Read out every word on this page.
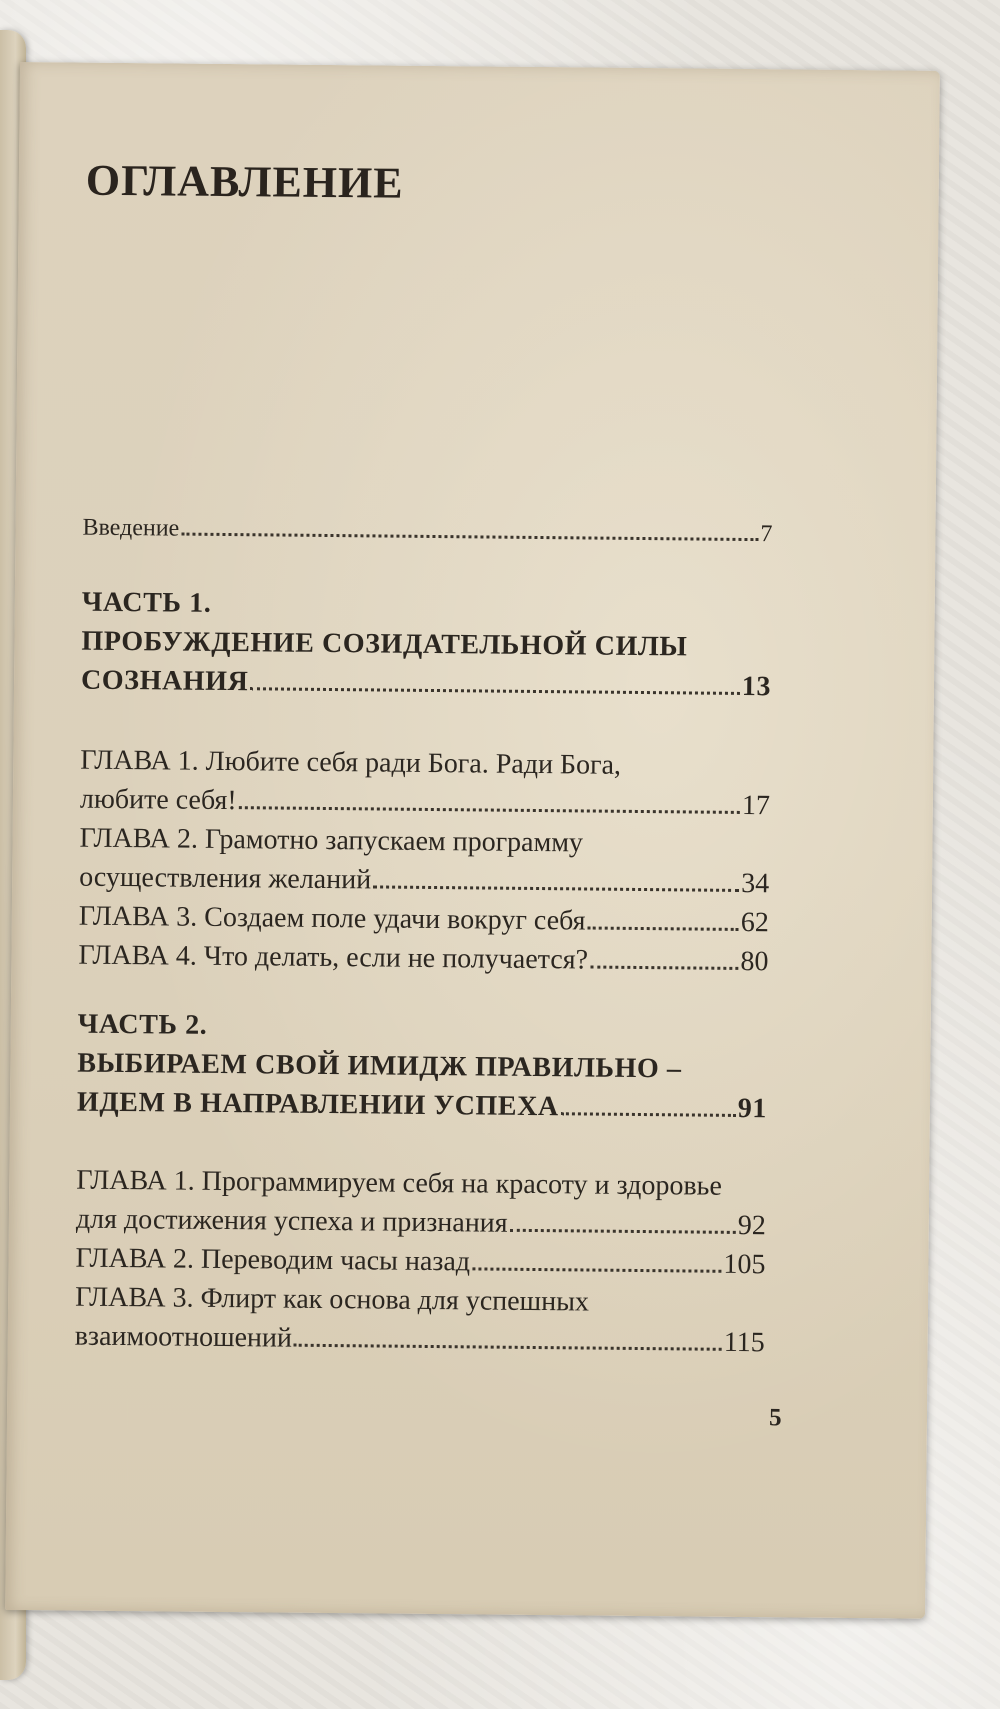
ОГЛАВЛЕНИЕ
Введение	7
ЧАСТЬ 1.
ПРОБУЖДЕНИЕ СОЗИДАТЕЛЬНОЙ СИЛЫ
СОЗНАНИЯ	13
ГЛАВА 1. Любите себя ради Бога. Ради Бога,
любите себя!	17
ГЛАВА 2. Грамотно запускаем программу
осуществления желаний	34
ГЛАВА 3. Создаем поле удачи вокруг себя	62
ГЛАВА 4. Что делать, если не получается?	80
ЧАСТЬ 2.
ВЫБИРАЕМ СВОЙ ИМИДЖ ПРАВИЛЬНО –
ИДЕМ В НАПРАВЛЕНИИ УСПЕХА	91
ГЛАВА 1. Программируем себя на красоту и здоровье
для достижения успеха и признания	92
ГЛАВА 2. Переводим часы назад	105
ГЛАВА 3. Флирт как основа для успешных
взаимоотношений	115
5
